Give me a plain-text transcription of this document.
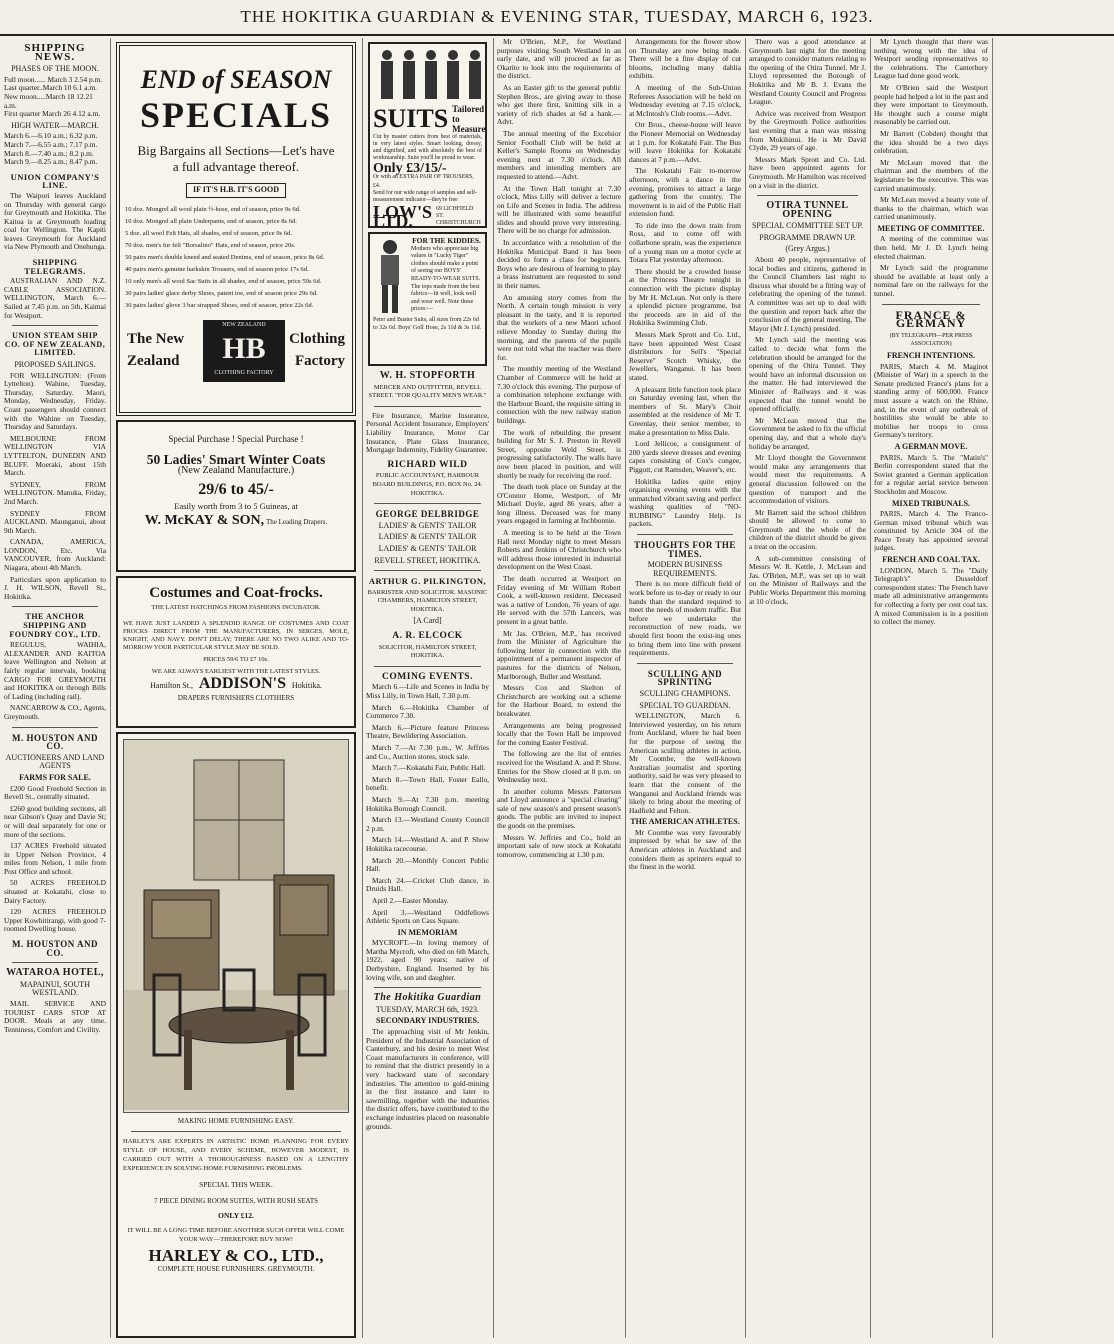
THE HOKITIKA GUARDIAN & EVENING STAR, TUESDAY, MARCH 6, 1923.
SHIPPING NEWS.
PHASES OF THE MOON.
Full moon...... March 3 2.54 p.m.
Last quarter..March 10 6.1 a.m.
New moon.....March 18 12.21 a.m.
First quarter March 26 4.12 a.m.
HIGH WATER—MARCH.
March 6.—6.10 a.m.; 6.32 p.m.
March 7.—6.55 a.m.; 7.17 p.m.
March 8.—7.40 a.m.; 8.2 p.m.
March 9.—8.25 a.m.; 8.47 p.m.
UNION COMPANY'S LINE.

The Waipori leaves Auckland on Thursday with general cargo for Greymouth and Hokitika. The Kaitoa is at Greymouth loading coal for Wellington. The Kapiti leaves Greymouth for Auckland via New Plymouth and Onehunga.

SHIPPING TELEGRAMS.

AUSTRALIAN AND N.Z. CABLE ASSOCIATION. WELLINGTON, March 6.—Sailed at 7.45 p.m. on 5th, Kaimai for Westport.

UNION STEAM SHIP CO. OF NEW ZEALAND, LIMITED.
PROPOSED SAILINGS.

FOR WELLINGTON: (From Lyttelton). Wahine, Tuesday, Thursday, Saturday. Maori, Monday, Wednesday, Friday. Coast passengers should connect with the Wahine on Tuesday, Thursday and Saturdays.

MELBOURNE FROM WELLINGTON VIA LYTTELTON, DUNEDIN AND BLUFF. Moeraki, about 15th March.

SYDNEY, FROM WELLINGTON. Manuka, Friday, 2nd March.

SYDNEY FROM AUCKLAND. Maunganui, about 9th March.

CANADA, AMERICA, LONDON, Etc. Via VANCOUVER, from Auckland: Niagara, about 4th March.

Particulars upon application to J. H. WILSON, Revell St., Hokitika.

THE ANCHOR SHIPPING AND FOUNDRY COY., LTD.

REGULUS, WAIHIA, ALEXANDER AND KAITOA leave Wellington and Nelson at fairly regular intervals, booking CARGO FOR GREYMOUTH and HOKITIKA on through Bills of Lading (including rail).

NANCARROW & CO., Agents, Greymouth.

M. HOUSTON AND CO.
AUCTIONEERS AND LAND AGENTS
FARMS FOR SALE.

£200 Good Freehold Section in Revell St., centrally situated.

£260 good building sections, all near Gibson's Quay and Davie St; or will deal separately for one or more of the sections.

137 ACRES Freehold situated in Upper Nelson Province, 4 miles from Nelson, 1 mile from Post Office and school.

50 ACRES FREEHOLD situated at Kokatahi, close to Dairy Factory.

120 ACRES FREEHOLD Upper Kowhitirangi, with good 7-roomed Dwelling house.

M. HOUSTON AND CO.
WATAROA HOTEL,
MAPAINUI, SOUTH WESTLAND.

MAIL SERVICE AND TOURIST CARS STOP AT DOOR. Meals at any time. Tenniness, Comfort and Civility.

END of SEASON
SPECIALS
Big Bargains all Sections—Let's have a full advantage thereof.
IF IT'S H.B. IT'S GOOD
10 doz. Mongrel all wool plain ½-hose, end of season, price 9s 6d.
10 doz. Mongrel all plain Underpants, end of season, price 8s 6d.
5 doz. all wool Felt Hats, all shades, end of season, price 9s 6d.
70 doz. men's fur felt "Borsalino" Hats, end of season, price 20s.
50 pairs men's double kneed and seated Denims, end of season, price 8s 6d.
40 pairs men's genuine harkskin Trousers, end of season price 17s 6d.
10 only men's all wool Sac Suits in all shades, end of season, price 59s 6d.
30 pairs ladies' glace derby Shoes, patent toe, end of season price 29s 6d.
30 pairs ladies' glove 3 bar strapped Shoes, end of season, price 22s 6d.
The New
Zealand
NEW ZEALAND
HB
CLOTHING FACTORY
Clothing
Factory
Special Purchase ! Special Purchase !
50 Ladies' Smart Winter Coats
(New Zealand Manufacture.)
29/6 to 45/-
Easily worth from 3 to 5 Guineas, at
W. McKAY & SON, The Leading Drapers.
Costumes and Coat-frocks.
THE LATEST HATCHINGS FROM FASHIONS INCUBATOR.
WE HAVE JUST LANDED A SPLENDID RANGE OF COSTUMES AND COAT FROCKS DIRECT FROM THE MANUFACTURERS, IN SERGES, MOLE, KNIGHT, AND NAVY. DON'T DELAY; THERE ARE NO TWO ALIKE AND TO-MORROW YOUR PARTICULAR STYLE MAY BE SOLD.
PRICES 59/6 TO £7 10s.
WE ARE ALWAYS EARLIEST WITH THE LATEST STYLES.
Hamilton St., ADDISON'S Hokitika.
DRAPERS FURNISHERS CLOTHIERS
MAKING HOME FURNISHING EASY.
HARLEY'S ARE EXPERTS IN ARTISTIC HOME PLANNING FOR EVERY STYLE OF HOUSE, AND EVERY SCHEME, HOWEVER MODEST, IS CARRIED OUT WITH A THOROUGHNESS BASED ON A LENGTHY EXPERIENCE IN SOLVING HOME FURNISHING PROBLEMS.
SPECIAL THIS WEEK.
7 PIECE DINING ROOM SUITES, WITH RUSH SEATS
ONLY £12.
IT WILL BE A LONG TIME BEFORE ANOTHER SUCH OFFER WILL COME YOUR WAY—THEREFORE BUY NOW!
HARLEY & CO., LTD.,
COMPLETE HOUSE FURNISHERS. GREYMOUTH.
SUITS Tailored to Measure
Cut by master cutters from best of materials, in very latest styles. Smart looking, dressy, and dignified, and with absolutely the best of workmanship. Suits you'll be proud to wear.
Only £3/15/-
Or with an EXTRA PAIR OF TROUSERS, £4.
Send for our wide range of samples and self-measurement indicator—they're free
LOW'S LTD.
69 LICHFIELD ST. CHRISTCHURCH
FOR THE KIDDIES.
Mothers who appreciate big values in "Lucky Tiger" clothes should make a point of seeing our BOYS' READY-TO-WEAR SUITS. The tops made from the best fabrics—fit well, look well and wear well. Note these prices:—
Peter and Buster Suits, all sizes from 22s 6d to 32s 6d. Boys' Golf Hose, 2s 11d & 3s 11d.
W. H. STOPFORTH
MERCER AND OUTFITTER, REVELL STREET. "FOR QUALITY MEN'S WEAR."

Fire Insurance, Marine Insurance, Personal Accident Insurance, Employers' Liability Insurance, Motor Car Insurance, Plate Glass Insurance, Mortgage Indemnity, Fidelity Guarantee.

RICHARD WILD
PUBLIC ACCOUNTANT, HARBOUR BOARD BUILDINGS, P.O. BOX No. 24. HOKITIKA.
GEORGE DELBRIDGE
LADIES' & GENTS' TAILOR
LADIES' & GENTS' TAILOR
LADIES' & GENTS' TAILOR
REVELL STREET, HOKITIKA.
ARTHUR G. PILKINGTON,
BARRISTER AND SOLICITOR. MASONIC CHAMBERS, HAMILTON STREET, HOKITIKA.
[A Card]
A. R. ELCOCK
SOLICITOR, HAMILTON STREET, HOKITIKA.
COMING EVENTS.

March 6.—Life and Scenes in India by Miss Lilly, in Town Hall, 7.30 p.m.

March 6.—Hokitika Chamber of Commerce 7.30.

March 6.—Picture feature Princess Theatre, Bewildering Association.

March 7.—At 7.30 p.m., W. Jeffries and Co., Auction stores, stock sale.

March 7.—Kokatahi Fair, Public Hall.

March 8.—Town Hall, Foster Eallo, benefit.

March 9.—At 7.30 p.m. meeting Hokitika Borough Council.

March 13.—Westland County Council 2 p.m.

March 14.—Westland A. and P. Show Hokitika racecourse.

March 20.—Monthly Concert Public Hall.

March 24.—Cricket Club dance, in Druids Hall.

April 2.—Easter Monday.

April 3.—Westland Oddfellows Athletic Sports on Cass Square.

IN MEMORIAM

MYCROFT.—In loving memory of Martha Mycroft, who died on 6th March, 1922, aged 90 years; native of Derbyshire, England. Inserted by his loving wife, son and daughter.

The Hokitika Guardian
TUESDAY, MARCH 6th, 1923.
SECONDARY INDUSTRIES.

The approaching visit of Mr Jenkin, President of the Industrial Association of Canterbury, and his desire to meet West Coast manufacturers in conference, will to remind that the district presently in a very backward state of secondary industries. The attention to gold-mining in the first instance and later to sawmilling, together with the industries the district offers, have contributed to the exchange industries placed on reasonable grounds.

Mr O'Brien, M.P., for Westland purposes visiting South Westland in an early date, and will proceed as far as Okarito to look into the requirements of the district.

As an Easter gift to the general public Stephen Bros., are giving away to those who get there first, knitting silk in a variety of rich shades at 6d a hank.—Advt.

The annual meeting of the Excelsior Senior Football Club will be held at Keller's Sample Rooms on Wednesday evening next at 7.30 o'clock. All members and intending members are requested to attend.—Advt.

At the Town Hall tonight at 7.30 o'clock, Miss Lilly will deliver a lecture on Life and Scenes in India. The address will be illustrated with some beautiful slides and should prove very interesting. There will be no charge for admission.

In accordance with a resolution of the Hokitika Municipal Band it has been decided to form a class for beginners. Boys who are desirous of learning to play a brass instrument are requested to send in their names.

An amusing story comes from the North. A certain tough mission is very pleasant in the tasty, and it is reported that the workers of a new Maori school relieve Monday to Sunday during the morning, and the parents of the pupils were not told what the teacher was there for.

The monthly meeting of the Westland Chamber of Commerce will be held at 7.30 o'clock this evening. The purpose of a combination telephone exchange with the Harbour Board, the requisite sitting in connection with the new railway station buildings.

The work of rebuilding the present building for Mr S. J. Preston in Revell Street, opposite Weld Street, is progressing satisfactorily. The walls have now been placed in position, and will shortly be ready for receiving the roof.

The death took place on Sunday at the O'Connor Home, Westport, of Mr Michael Doyle, aged 86 years, after a long illness. Deceased was for many years engaged in farming at Inchbonnie.

A meeting is to be held at the Town Hall next Monday night to meet Messrs Roberts and Jenkins of Christchurch who will address those interested in industrial development on the West Coast.

The death occurred at Westport on Friday evening of Mr William Robert Cook, a well-known resident. Deceased was a native of London, 76 years of age. He served with the 57th Lancers, was present in a great battle.

Mr Jas. O'Brien, M.P., has received from the Minister of Agriculture the following letter in connection with the appointment of a permanent inspector of pastures for the districts of Nelson, Marlborough, Buller and Westland.

Messrs Cox and Skelton of Christchurch are working out a scheme for the Harbour Board, to extend the breakwater.

Arrangements are being progressed locally that the Town Hall be improved for the coming Easter Festival.

The following are the list of entries received for the Westland A. and P. Show. Entries for the Show closed at 8 p.m. on Wednesday next.

In another column Messrs Patterson and Lloyd announce a "special clearing" sale of new season's and present season's goods. The public are invited to inspect the goods on the premises.

Messrs W. Jeffries and Co., hold an important sale of new stock at Kokatahi tomorrow, commencing at 1.30 p.m.

Arrangements for the flower show on Thursday are now being made. There will be a fine display of cut blooms, including many dahlia exhibits.

A meeting of the Sub-Union Referees Association will be held on Wednesday evening at 7.15 o'clock, at McIntosh's Club rooms.—Advt.

Orr Bros., cheese-house will leave the Pioneer Memorial on Wednesday at 1 p.m. for Kokatahi Fair. The Bus will leave Hokitika for Kokatahi dances at 7 p.m.—Advt.

The Kokatahi Fair to-morrow afternoon, with a dance in the evening, promises to attract a large gathering from the country. The movement is in aid of the Public Hall extension fund.

To ride into the down train from Ross, and to come off with collarbone sprain, was the experience of a young man on a motor cycle at Totara Flat yesterday afternoon.

There should be a crowded house at the Princess Theatre tonight in connection with the picture display by Mr H. McLean. Not only is there a splendid picture programme, but the proceeds are in aid of the Hokitika Swimming Club.

Messrs Mark Sprott and Co. Ltd., have been appointed West Coast distributors for Sell's "Special Reserve" Scotch Whisky, the Jewellers, Wanganui. It has been stated.

A pleasant little function took place on Saturday evening last, when the members of St. Mary's Choir assembled at the residence of Mr T. Greenlay, their senior member, to make a presentation to Miss Dale.

Lord Jellicoe, a consignment of 200 yards sleeve dresses and evening capes consisting of Cox's congee, Piggott, cut Ramsden, Weaver's, etc.

Hokitika ladies quite enjoy organising evening events with the unmatched vibrant saving and perfect washing qualities of "NO-RUBBING" Laundry Help. 1s packets.

THOUGHTS FOR THE TIMES.
MODERN BUSINESS REQUIREMENTS.

There is no more difficult field of work before us to-day or ready to our hands than the standard required to meet the needs of modern traffic. But before we undertake the reconstruction of new roads, we should first boom the exist-ing ones to bring them into line with present requirements.

SCULLING AND SPRINTING
SCULLING CHAMPIONS.
SPECIAL TO GUARDIAN.

WELLINGTON, March 6. Interviewed yesterday, on his return from Auckland, where he had been for the purpose of seeing the American sculling athletes in action, Mr Coombe, the well-known Australian journalist and sporting authority, said he was very pleased to learn that the consent of the Wanganui and Auckland friends was likely to bring about the meeting of Hadfield and Felton.

THE AMERICAN ATHLETES.

Mr Coombe was very favourably impressed by what he saw of the American athletes in Auckland and considers them as sprinters equal to the finest in the world.

There was a good attendance at Greymouth last night for the meeting arranged to consider matters relating to the opening of the Otira Tunnel. Mr J. Lloyd represented the Borough of Hokitika and Mr B. J. Evans the Westland County Council and Progress League.

Advice was received from Westport by the Greymouth Police authorities last evening that a man was missing from Mokihinui. He is Mr David Clyde, 29 years of age.

Messrs Mark Sprott and Co. Ltd. have been appointed agents for Greymouth. Mr Hamilton was received on a visit in the district.

OTIRA TUNNEL OPENING
SPECIAL COMMITTEE SET UP.
PROGRAMME DRAWN UP.
(Grey Argus.)

About 40 people, representative of local bodies and citizens, gathered in the Council Chambers last night to discuss what should be a fitting way of celebrating the opening of the tunnel. A committee was set up to deal with the question and report back after the conclusion of the general meeting. The Mayor (Mr J. Lynch) presided.

Mr Lynch said the meeting was called to decide what form the celebration should be arranged for the opening of the Otira Tunnel. They would have an informal discussion on the matter. He had interviewed the Minister of Railways and it was expected that the tunnel would be opened officially.

Mr McLean moved that the Government be asked to fix the official opening day, and that a whole day's holiday be arranged.

Mr Lloyd thought the Government would make any arrangements that would meet the requirements. A general discussion followed on the question of transport and the accommodation of visitors.

Mr Barrett said the school children should be allowed to come to Greymouth and the whole of the children of the district should be given a treat on the occasion.

A sub-committee consisting of Messrs W. R. Kettle, J. McLean and Jas. O'Brien, M.P., was set up to wait on the Minister of Railways and the Public Works Department this morning at 10 o'clock.

Mr Lynch thought that there was nothing wrong with the idea of Westport sending representatives to the celebrations. The Canterbury League had done good work.

Mr O'Brien said the Westport people had helped a lot in the past and they were important to Greymouth. He thought such a course might reasonably be carried out.

Mr Barrett (Cobden) thought that the idea should be a two days celebration.

Mr McLean moved that the chairman and the members of the legislature be the executive. This was carried unanimously.

Mr McLean moved a hearty vote of thanks to the chairman, which was carried unanimously.

MEETING OF COMMITTEE.

A meeting of the committee was then held. Mr J. D. Lynch being elected chairman.

Mr Lynch said the programme should be available at least only a nominal fare on the railways for the tunnel.

FRANCE & GERMANY
(BY TELEGRAPH—PER PRESS ASSOCIATION)
FRENCH INTENTIONS.

PARIS, March 4. M. Maginot (Minister of War) in a speech in the Senate predicted France's plans for a standing army of 600,000. France must assure a watch on the Rhine, and, in the event of any outbreak of hostilities she would be able to mobilise her troops to cross Germany's territory.

A GERMAN MOVE.

PARIS, March 5. The "Matin's" Berlin correspondent stated that the Soviet granted a German application for a regular aerial service between Stockholm and Moscow.

MIXED TRIBUNALS.

PARIS, March 4. The Franco-German mixed tribunal which was constituted by Article 304 of the Peace Treaty has appointed several judges.

FRENCH AND COAL TAX.

LONDON, March 5. The "Daily Telegraph's" Dusseldorf correspondent states: The French have made all administrative arrangements for collecting a forty per cent coal tax. A mixed Commission is in a position to collect the money.
